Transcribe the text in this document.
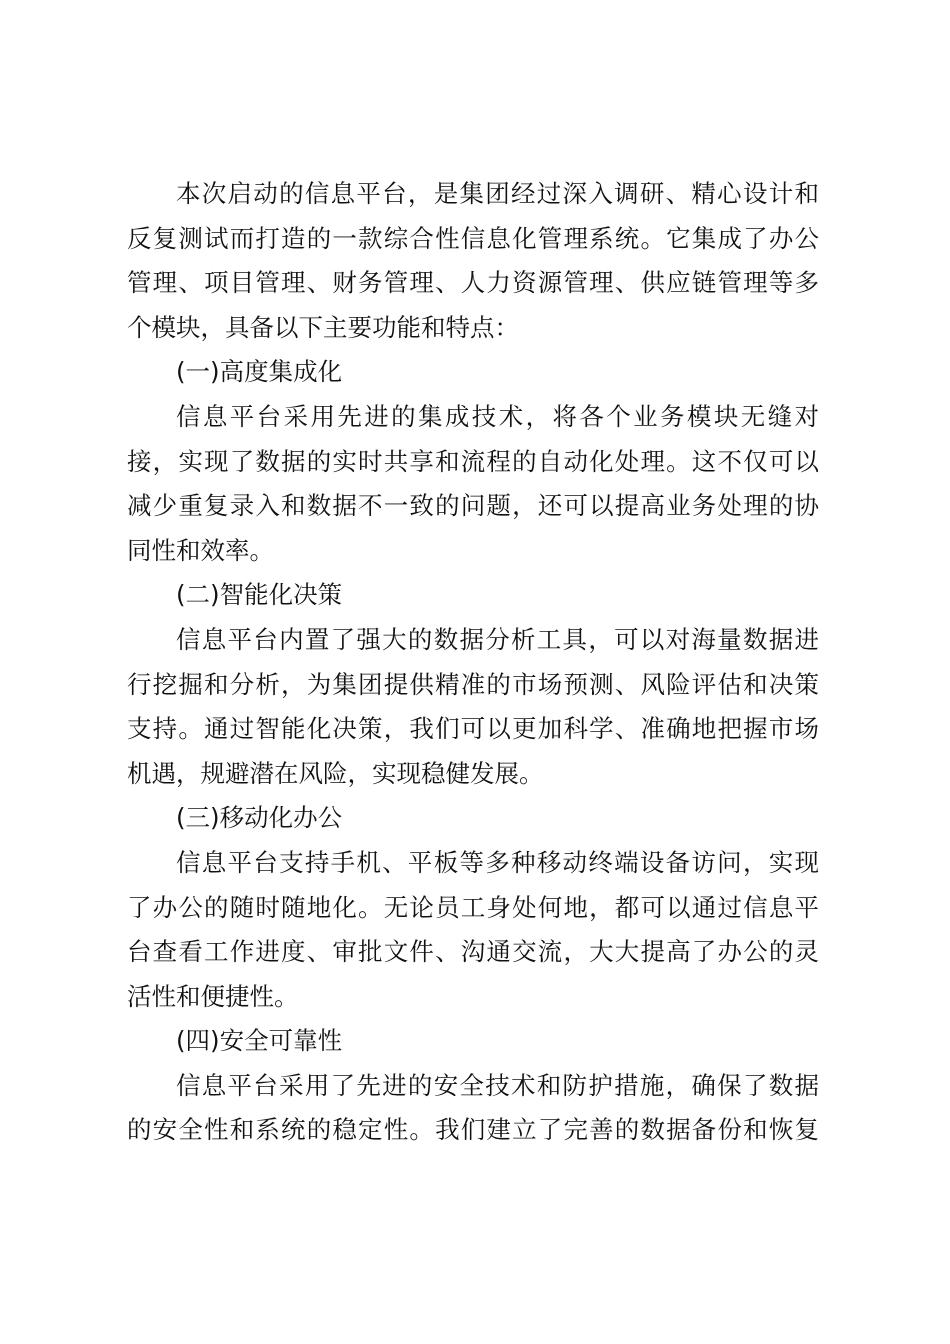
本次启动的信息平台，是集团经过深入调研、精心设计和
反复测试而打造的一款综合性信息化管理系统。它集成了办公
管理、项目管理、财务管理、人力资源管理、供应链管理等多
个模块，具备以下主要功能和特点：
(一)高度集成化
信息平台采用先进的集成技术，将各个业务模块无缝对
接，实现了数据的实时共享和流程的自动化处理。这不仅可以
减少重复录入和数据不一致的问题，还可以提高业务处理的协
同性和效率。
(二)智能化决策
信息平台内置了强大的数据分析工具，可以对海量数据进
行挖掘和分析，为集团提供精准的市场预测、风险评估和决策
支持。通过智能化决策，我们可以更加科学、准确地把握市场
机遇，规避潜在风险，实现稳健发展。
(三)移动化办公
信息平台支持手机、平板等多种移动终端设备访问，实现
了办公的随时随地化。无论员工身处何地，都可以通过信息平
台查看工作进度、审批文件、沟通交流，大大提高了办公的灵
活性和便捷性。
(四)安全可靠性
信息平台采用了先进的安全技术和防护措施，确保了数据
的安全性和系统的稳定性。我们建立了完善的数据备份和恢复
